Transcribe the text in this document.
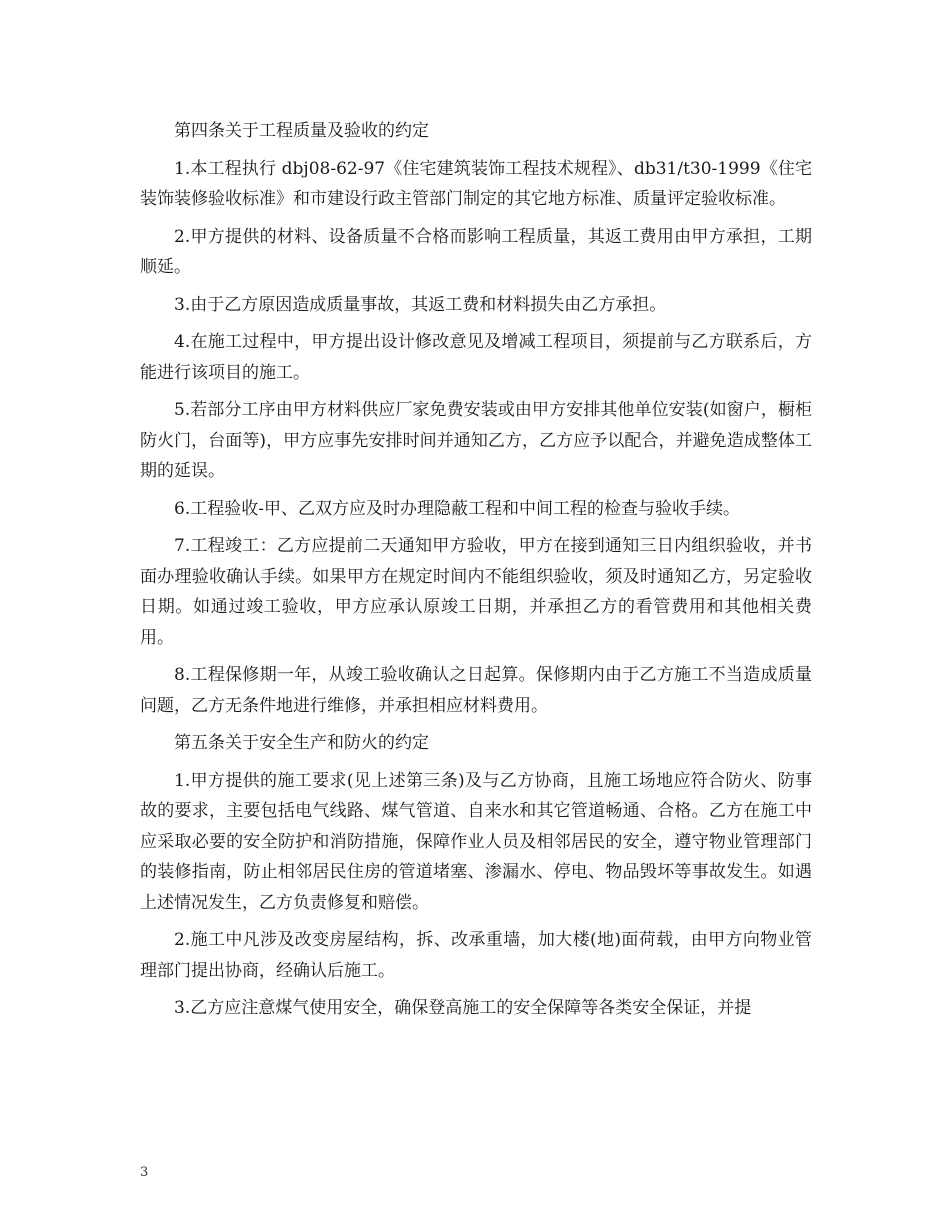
第四条关于工程质量及验收的约定

1.本工程执行 dbj08-62-97《住宅建筑装饰工程技术规程》、db31/t30-1999《住宅装饰装修验收标准》和市建设行政主管部门制定的其它地方标准、质量评定验收标准。

2.甲方提供的材料、设备质量不合格而影响工程质量，其返工费用由甲方承担，工期顺延。

3.由于乙方原因造成质量事故，其返工费和材料损失由乙方承担。

4.在施工过程中，甲方提出设计修改意见及增减工程项目，须提前与乙方联系后，方能进行该项目的施工。

5.若部分工序由甲方材料供应厂家免费安装或由甲方安排其他单位安装(如窗户，橱柜防火门，台面等)，甲方应事先安排时间并通知乙方，乙方应予以配合，并避免造成整体工期的延误。

6.工程验收-甲、乙双方应及时办理隐蔽工程和中间工程的检查与验收手续。

7.工程竣工：乙方应提前二天通知甲方验收，甲方在接到通知三日内组织验收，并书面办理验收确认手续。如果甲方在规定时间内不能组织验收，须及时通知乙方，另定验收日期。如通过竣工验收，甲方应承认原竣工日期，并承担乙方的看管费用和其他相关费用。

8.工程保修期一年，从竣工验收确认之日起算。保修期内由于乙方施工不当造成质量问题，乙方无条件地进行维修，并承担相应材料费用。

第五条关于安全生产和防火的约定

1.甲方提供的施工要求(见上述第三条)及与乙方协商，且施工场地应符合防火、防事故的要求，主要包括电气线路、煤气管道、自来水和其它管道畅通、合格。乙方在施工中应采取必要的安全防护和消防措施，保障作业人员及相邻居民的安全，遵守物业管理部门的装修指南，防止相邻居民住房的管道堵塞、渗漏水、停电、物品毁坏等事故发生。如遇上述情况发生，乙方负责修复和赔偿。

2.施工中凡涉及改变房屋结构，拆、改承重墙，加大楼(地)面荷载，由甲方向物业管理部门提出协商，经确认后施工。

3.乙方应注意煤气使用安全，确保登高施工的安全保障等各类安全保证，并提

3
